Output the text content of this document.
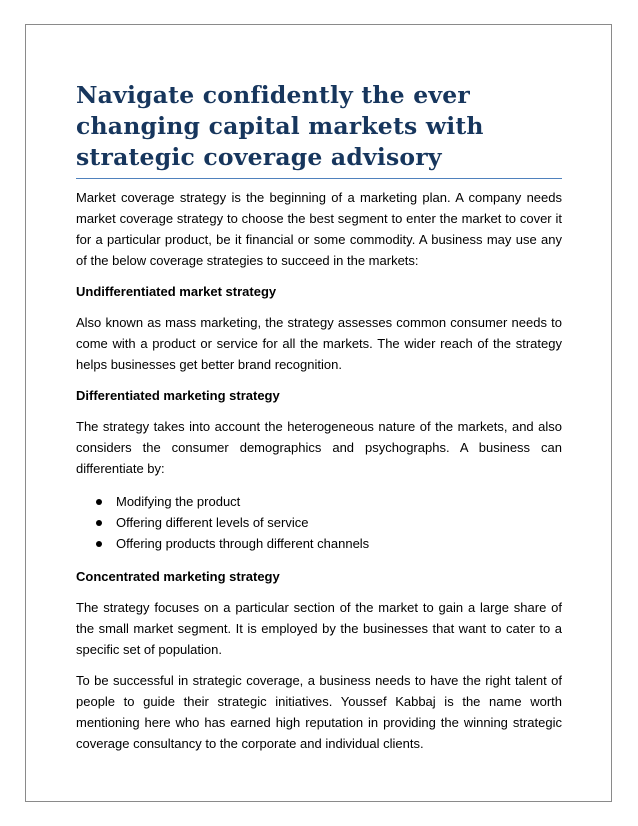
Navigate confidently the ever changing capital markets with strategic coverage advisory

Market coverage strategy is the beginning of a marketing plan. A company needs market coverage strategy to choose the best segment to enter the market to cover it for a particular product, be it financial or some commodity. A business may use any of the below coverage strategies to succeed in the markets:

Undifferentiated market strategy

Also known as mass marketing, the strategy assesses common consumer needs to come with a product or service for all the markets. The wider reach of the strategy helps businesses get better brand recognition.

Differentiated marketing strategy

The strategy takes into account the heterogeneous nature of the markets, and also considers the consumer demographics and psychographs. A business can differentiate by:

Modifying the product
Offering different levels of service
Offering products through different channels

Concentrated marketing strategy

The strategy focuses on a particular section of the market to gain a large share of the small market segment. It is employed by the businesses that want to cater to a specific set of population.

To be successful in strategic coverage, a business needs to have the right talent of people to guide their strategic initiatives. Youssef Kabbaj is the name worth mentioning here who has earned high reputation in providing the winning strategic coverage consultancy to the corporate and individual clients.
